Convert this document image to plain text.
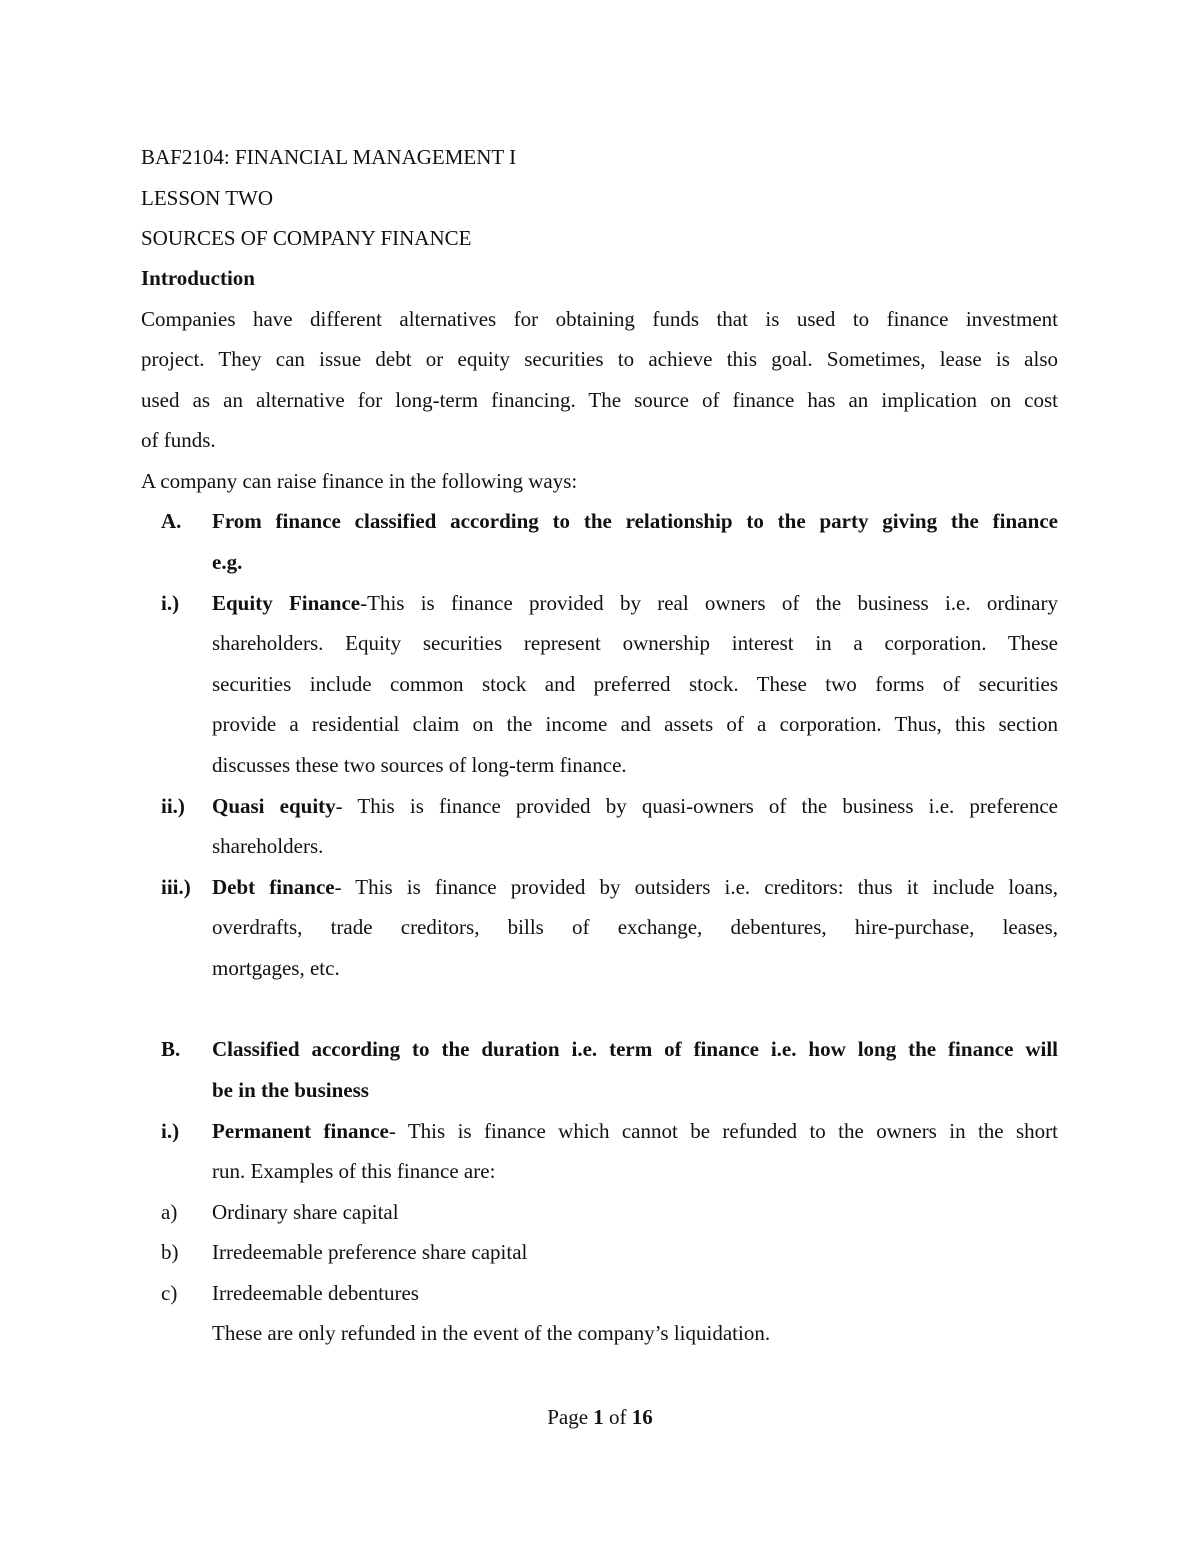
BAF2104: FINANCIAL MANAGEMENT I
LESSON TWO
SOURCES OF COMPANY FINANCE
Introduction
Companies have different alternatives for obtaining funds that is used to finance investment
project. They can issue debt or equity securities to achieve this goal. Sometimes, lease is also
used as an alternative for long-term financing. The source of finance has an implication on cost
of funds.
A company can raise finance in the following ways:
A. From finance classified according to the relationship to the party giving the finance
e.g.
i.) Equity Finance-This is finance provided by real owners of the business i.e. ordinary
shareholders. Equity securities represent ownership interest in a corporation. These
securities include common stock and preferred stock. These two forms of securities
provide a residential claim on the income and assets of a corporation. Thus, this section
discusses these two sources of long-term finance.
ii.) Quasi equity- This is finance provided by quasi-owners of the business i.e. preference
shareholders.
iii.) Debt finance- This is finance provided by outsiders i.e. creditors: thus it include loans,
overdrafts, trade creditors, bills of exchange, debentures, hire-purchase, leases,
mortgages, etc.
B. Classified according to the duration i.e. term of finance i.e. how long the finance will
be in the business
i.) Permanent finance- This is finance which cannot be refunded to the owners in the short
run. Examples of this finance are:
a) Ordinary share capital
b) Irredeemable preference share capital
c) Irredeemable debentures
These are only refunded in the event of the company’s liquidation.
Page 1 of 16
